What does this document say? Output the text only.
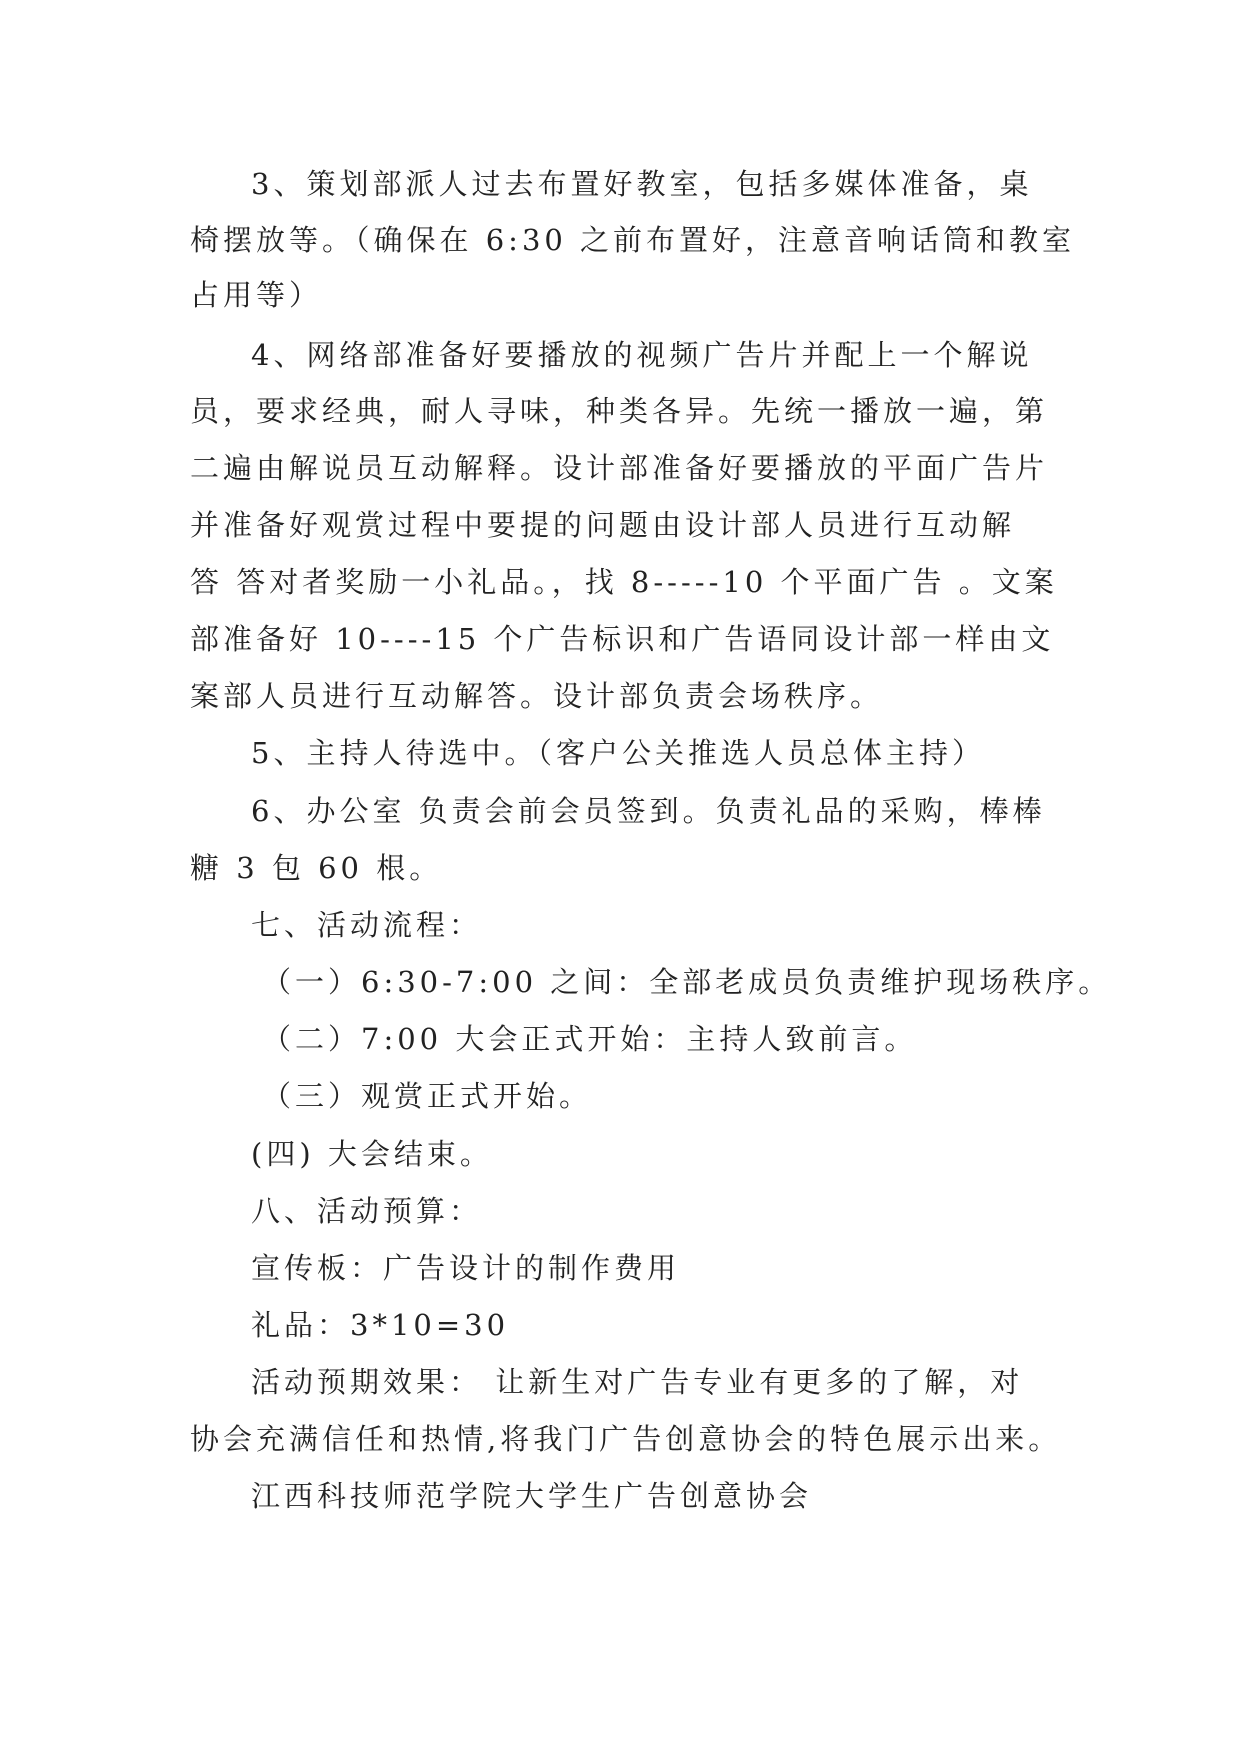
3、策划部派人过去布置好教室，包括多媒体准备，桌
椅摆放等。（确保在 6:30 之前布置好，注意音响话筒和教室
占用等）
4、网络部准备好要播放的视频广告片并配上一个解说
员，要求经典，耐人寻味，种类各异。先统一播放一遍，第
二遍由解说员互动解释。设计部准备好要播放的平面广告片
并准备好观赏过程中要提的问题由设计部人员进行互动解
答 答对者奖励一小礼品。，找 8-----10 个平面广告 。文案
部准备好 10----15 个广告标识和广告语同设计部一样由文
案部人员进行互动解答。设计部负责会场秩序。
5、主持人待选中。（客户公关推选人员总体主持）
6、办公室 负责会前会员签到。负责礼品的采购，棒棒
糖 3 包 60 根。
七、活动流程：
（一）6:30-7:00 之间：全部老成员负责维护现场秩序。
（二）7:00 大会正式开始：主持人致前言。
（三）观赏正式开始。
(四) 大会结束。
八、活动预算：
宣传板：广告设计的制作费用
礼品：3*10=30
活动预期效果： 让新生对广告专业有更多的了解，对
协会充满信任和热情,将我门广告创意协会的特色展示出来。
江西科技师范学院大学生广告创意协会
